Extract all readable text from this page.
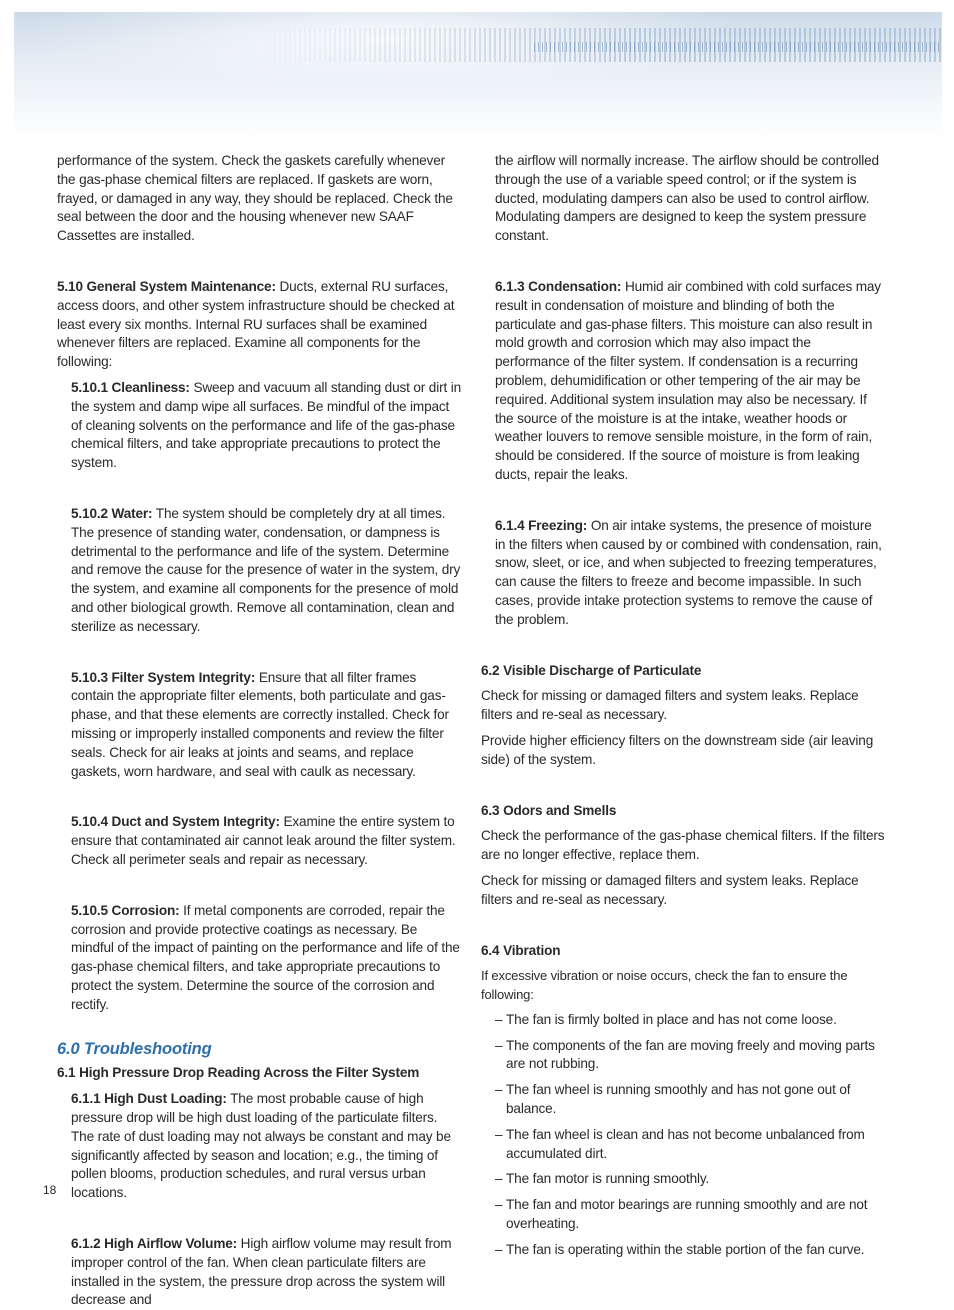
performance of the system. Check the gaskets carefully whenever the gas-phase chemical filters are replaced. If gaskets are worn, frayed, or damaged in any way, they should be replaced. Check the seal between the door and the housing whenever new SAAF Cassettes are installed.

5.10 General System Maintenance: Ducts, external RU surfaces, access doors, and other system infrastructure should be checked at least every six months. Internal RU surfaces shall be examined whenever filters are replaced. Examine all components for the following:

5.10.1 Cleanliness: Sweep and vacuum all standing dust or dirt in the system and damp wipe all surfaces. Be mindful of the impact of cleaning solvents on the performance and life of the gas-phase chemical filters, and take appropriate precautions to protect the system.

5.10.2 Water: The system should be completely dry at all times. The presence of standing water, condensation, or dampness is detrimental to the performance and life of the system. Determine and remove the cause for the presence of water in the system, dry the system, and examine all components for the presence of mold and other biological growth. Remove all contamination, clean and sterilize as necessary.

5.10.3 Filter System Integrity: Ensure that all filter frames contain the appropriate filter elements, both particulate and gas-phase, and that these elements are correctly installed. Check for missing or improperly installed components and review the filter seals. Check for air leaks at joints and seams, and replace gaskets, worn hardware, and seal with caulk as necessary.

5.10.4 Duct and System Integrity: Examine the entire system to ensure that contaminated air cannot leak around the filter system. Check all perimeter seals and repair as necessary.

5.10.5 Corrosion: If metal components are corroded, repair the corrosion and provide protective coatings as necessary. Be mindful of the impact of painting on the performance and life of the gas-phase chemical filters, and take appropriate precautions to protect the system. Determine the source of the corrosion and rectify.

6.0 Troubleshooting

6.1 High Pressure Drop Reading Across the Filter System

6.1.1 High Dust Loading: The most probable cause of high pressure drop will be high dust loading of the particulate filters. The rate of dust loading may not always be constant and may be significantly affected by season and location; e.g., the timing of pollen blooms, production schedules, and rural versus urban locations.

6.1.2 High Airflow Volume: High airflow volume may result from improper control of the fan. When clean particulate filters are installed in the system, the pressure drop across the system will decrease and

the airflow will normally increase. The airflow should be controlled through the use of a variable speed control; or if the system is ducted, modulating dampers can also be used to control airflow. Modulating dampers are designed to keep the system pressure constant.

6.1.3 Condensation: Humid air combined with cold surfaces may result in condensation of moisture and blinding of both the particulate and gas-phase filters. This moisture can also result in mold growth and corrosion which may also impact the performance of the filter system. If condensation is a recurring problem, dehumidification or other tempering of the air may be required. Additional system insulation may also be necessary. If the source of the moisture is at the intake, weather hoods or weather louvers to remove sensible moisture, in the form of rain, should be considered. If the source of moisture is from leaking ducts, repair the leaks.

6.1.4 Freezing: On air intake systems, the presence of moisture in the filters when caused by or combined with condensation, rain, snow, sleet, or ice, and when subjected to freezing temperatures, can cause the filters to freeze and become impassible. In such cases, provide intake protection systems to remove the cause of the problem.

6.2 Visible Discharge of Particulate

Check for missing or damaged filters and system leaks. Replace filters and re-seal as necessary.

Provide higher efficiency filters on the downstream side (air leaving side) of the system.

6.3 Odors and Smells

Check the performance of the gas-phase chemical filters. If the filters are no longer effective, replace them.

Check for missing or damaged filters and system leaks. Replace filters and re-seal as necessary.

6.4 Vibration

If excessive vibration or noise occurs, check the fan to ensure the following:

– The fan is firmly bolted in place and has not come loose.
– The components of the fan are moving freely and moving parts are not rubbing.
– The fan wheel is running smoothly and has not gone out of balance.
– The fan wheel is clean and has not become unbalanced from accumulated dirt.
– The fan motor is running smoothly.
– The fan and motor bearings are running smoothly and are not overheating.
– The fan is operating within the stable portion of the fan curve.
18
